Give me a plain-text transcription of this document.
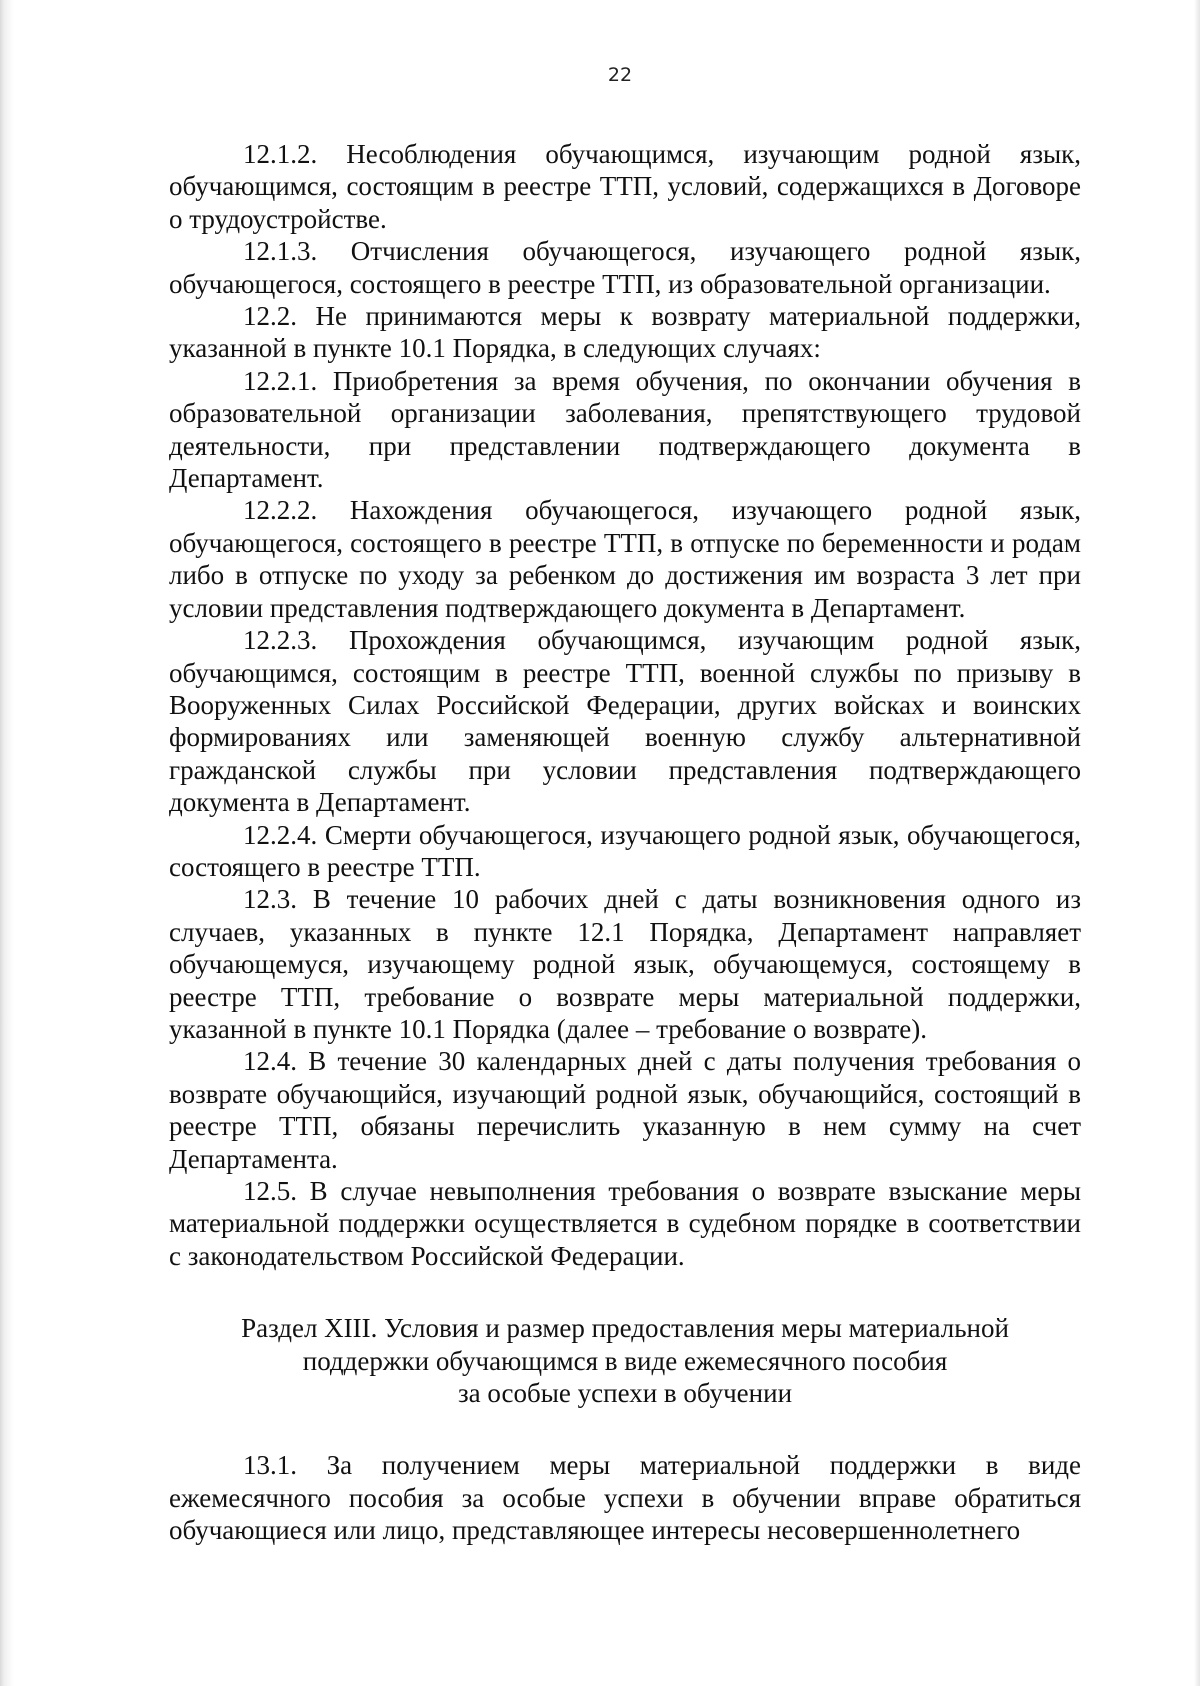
22

12.1.2. Несоблюдения обучающимся, изучающим родной язык, обучающимся, состоящим в реестре ТТП, условий, содержащихся в Договоре о трудоустройстве.

12.1.3. Отчисления обучающегося, изучающего родной язык, обучающегося, состоящего в реестре ТТП, из образовательной организации.

12.2. Не принимаются меры к возврату материальной поддержки, указанной в пункте 10.1 Порядка, в следующих случаях:

12.2.1. Приобретения за время обучения, по окончании обучения в образовательной организации заболевания, препятствующего трудовой деятельности, при представлении подтверждающего документа в Департамент.

12.2.2. Нахождения обучающегося, изучающего родной язык, обучающегося, состоящего в реестре ТТП, в отпуске по беременности и родам либо в отпуске по уходу за ребенком до достижения им возраста 3 лет при условии представления подтверждающего документа в Департамент.

12.2.3. Прохождения обучающимся, изучающим родной язык, обучающимся, состоящим в реестре ТТП, военной службы по призыву в Вооруженных Силах Российской Федерации, других войсках и воинских формированиях или заменяющей военную службу альтернативной гражданской службы при условии представления подтверждающего документа в Департамент.

12.2.4. Смерти обучающегося, изучающего родной язык, обучающегося, состоящего в реестре ТТП.

12.3. В течение 10 рабочих дней с даты возникновения одного из случаев, указанных в пункте 12.1 Порядка, Департамент направляет обучающемуся, изучающему родной язык, обучающемуся, состоящему в реестре ТТП, требование о возврате меры материальной поддержки, указанной в пункте 10.1 Порядка (далее – требование о возврате).

12.4. В течение 30 календарных дней с даты получения требования о возврате обучающийся, изучающий родной язык, обучающийся, состоящий в реестре ТТП, обязаны перечислить указанную в нем сумму на счет Департамента.

12.5. В случае невыполнения требования о возврате взыскание меры материальной поддержки осуществляется в судебном порядке в соответствии с законодательством Российской Федерации.

Раздел XIII. Условия и размер предоставления меры материальной
поддержки обучающимся в виде ежемесячного пособия
за особые успехи в обучении

13.1. За получением меры материальной поддержки в виде ежемесячного пособия за особые успехи в обучении вправе обратиться обучающиеся или лицо, представляющее интересы несовершеннолетнего
